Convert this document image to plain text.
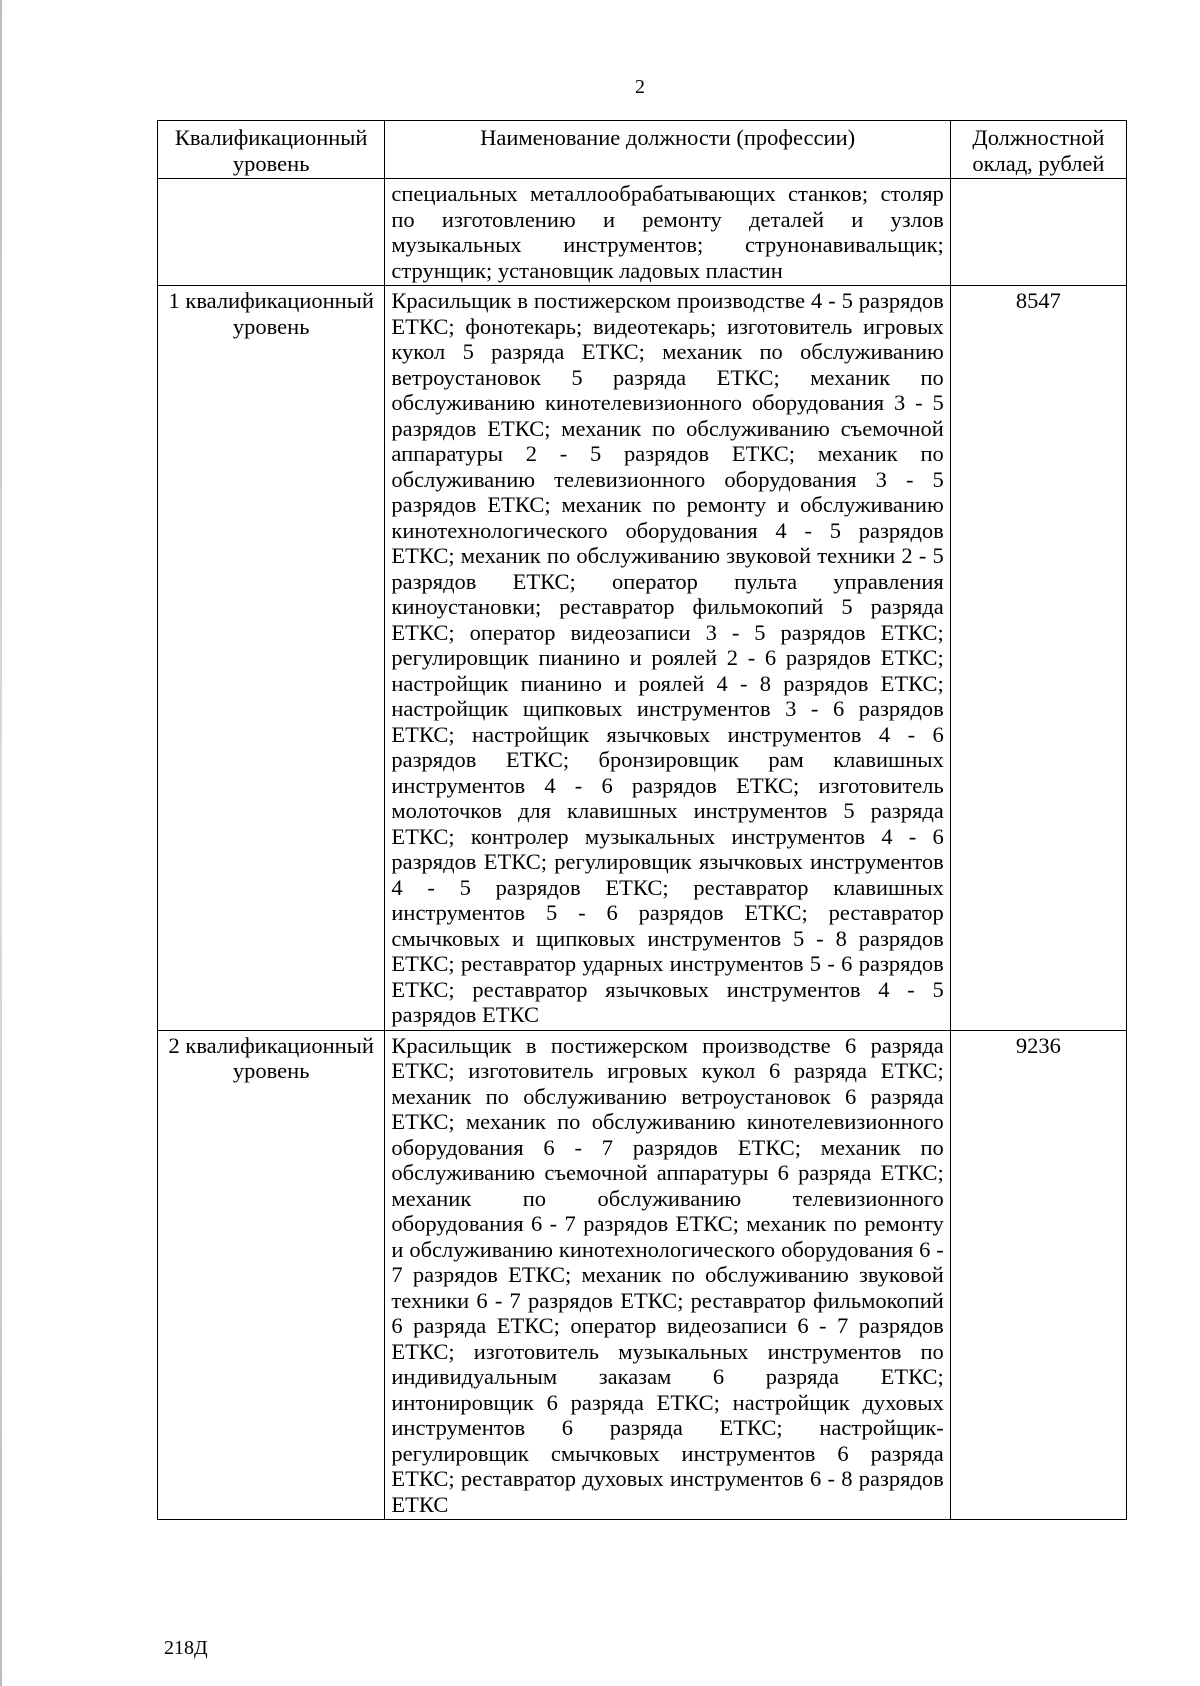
2
Квалификационный уровень	Наименование должности (профессии)	Должностной оклад, рублей
	специальных металлообрабатывающих станков; столяр по изготовлению и ремонту деталей и узлов музыкальных инструментов; струнонавивальщик; струнщик; установщик ладовых пластин	
1 квалификационный уровень	Красильщик в постижерском производстве 4 - 5 разрядов ЕТКС; фонотекарь; видеотекарь; изготовитель игровых кукол 5 разряда ЕТКС; механик по обслуживанию ветроустановок 5 разряда ЕТКС; механик по обслуживанию кинотелевизионного оборудования 3 - 5 разрядов ЕТКС; механик по обслуживанию съемочной аппаратуры 2 - 5 разрядов ЕТКС; механик по обслуживанию телевизионного оборудования 3 - 5 разрядов ЕТКС; механик по ремонту и обслуживанию кинотехнологического оборудования 4 - 5 разрядов ЕТКС; механик по обслуживанию звуковой техники 2 - 5 разрядов ЕТКС; оператор пульта управления киноустановки; реставратор фильмокопий 5 разряда ЕТКС; оператор видеозаписи 3 - 5 разрядов ЕТКС; регулировщик пианино и роялей 2 - 6 разрядов ЕТКС; настройщик пианино и роялей 4 - 8 разрядов ЕТКС; настройщик щипковых инструментов 3 - 6 разрядов ЕТКС; настройщик язычковых инструментов 4 - 6 разрядов ЕТКС; бронзировщик рам клавишных инструментов 4 - 6 разрядов ЕТКС; изготовитель молоточков для клавишных инструментов 5 разряда ЕТКС; контролер музыкальных инструментов 4 - 6 разрядов ЕТКС; регулировщик язычковых инструментов 4 - 5 разрядов ЕТКС; реставратор клавишных инструментов 5 - 6 разрядов ЕТКС; реставратор смычковых и щипковых инструментов 5 - 8 разрядов ЕТКС; реставратор ударных инструментов 5 - 6 разрядов ЕТКС; реставратор язычковых инструментов 4 - 5 разрядов ЕТКС	8547
2 квалификационный уровень	Красильщик в постижерском производстве 6 разряда ЕТКС; изготовитель игровых кукол 6 разряда ЕТКС; механик по обслуживанию ветроустановок 6 разряда ЕТКС; механик по обслуживанию кинотелевизионного оборудования 6 - 7 разрядов ЕТКС; механик по обслуживанию съемочной аппаратуры 6 разряда ЕТКС; механик по обслуживанию телевизионного оборудования 6 - 7 разрядов ЕТКС; механик по ремонту и обслуживанию кинотехнологического оборудования 6 - 7 разрядов ЕТКС; механик по обслуживанию звуковой техники 6 - 7 разрядов ЕТКС; реставратор фильмокопий 6 разряда ЕТКС; оператор видеозаписи 6 - 7 разрядов ЕТКС; изготовитель музыкальных инструментов по индивидуальным заказам 6 разряда ЕТКС; интонировщик 6 разряда ЕТКС; настройщик духовых инструментов 6 разряда ЕТКС; настройщик-регулировщик смычковых инструментов 6 разряда ЕТКС; реставратор духовых инструментов 6 - 8 разрядов ЕТКС	9236
218Д
